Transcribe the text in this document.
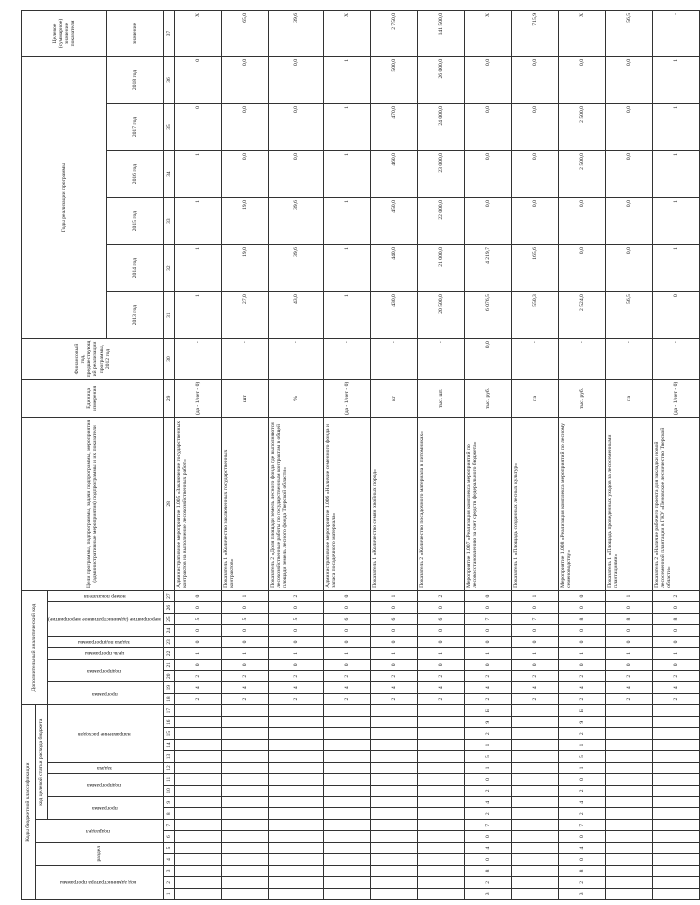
Коды бюджетной классификации																	Дополнительный аналитический код										Цели программы, подпрограммы, задачи подпрограммы, мероприятия (административные мероприятия) подпрограммы и их показатели	Единица измерения	Финансовый год, предшествующий реализации программы, 2012 год	Годы реализации программы						Целевое (суммарное) значение показателя
код администратора программы			раздел		подраздел		код целевой статьи расхода бюджета																													
							программа		подпрограмма		задача	направление расходов					программа		подпрограмма		цель программы	задача подпрограммы	мероприятие (административное мероприятие)			номер показателя										
																														2013 год	2014 год	2015 год	2016 год	2017 год	2018 год	значение
1	2	3	4	5	6	7	8	9	10	11	12	13	14	15	16	17	18	19	20	21	22	23	24	25	26	27	28	29	30	31	32	33	34	35	36	37
																	2	4	2	0	1	0	0	5	0	0	Административное мероприятие 1.005 «Заключение государственных контрактов на выполнение лесохозяйственных работ»	(да - 1/нет - 0)	-	1	1	1	1	0	0	X
																	2	4	2	0	1	0	0	5	0	1	Показатель 1 «Количество заключенных государственных контрактов»	шт	-	27,0	19,0	19,0	0,0	0,0	0,0	65,0
																	2	4	2	0	1	0	0	5	0	2	Показатель 2 «Доля площади земель лесного фонда где выполняются лесохозяйственные работы по государственным контрактам в общей площади земель лесного фонда Тверской области»	%	-	43,0	39,6	39,6	0,0	0,0	0,0	39,6
																	2	4	2	0	1	0	0	6	0	0	Административное мероприятие 1.006 «Наличие семенного фонда и запаса посадочного материала»	(да - 1/нет - 0)	-	1	1	1	1	1	1	X
																	2	4	2	0	1	0	0	6	0	1	Показатель 1 «Количество семян хвойных пород»	кг	-	430,0	440,0	450,0	460,0	470,0	500,0	2 750,0
																	2	4	2	0	1	0	0	6	0	2	Показатель 2 «Количество посадочного материала в питомниках»	тыс. шт.	-	20 500,0	21 000,0	22 000,0	23 000,0	24 000,0	26 000,0	141 500,0
3	2	8	0	4	0	7	2	4	2	0	1	5	1	2	9	Б	2	4	2	0	1	0	0	7	0	0	Мероприятие 1.007 «Реализация комплекса мероприятий по лесовосстановлению за счет средств федерального бюджета»	тыс. руб.	0,0	6 076,5	4 219,7	0,0	0,0	0,0	0,0	X
																	2	4	2	0	1	0	0	7	0	1	Показатель 1 «Площадь созданных лесных культур»	га	-	550,3	165,6	0,0	0,0	0,0	0,0	715,9
3	2	8	0	4	0	7	2	4	2	0	1	5	1	2	9	Б	2	4	2	0	1	0	0	8	0	0	Мероприятие 1.008 «Реализация комплекса мероприятий по лесному семеноводству»	тыс. руб.	-	2 524,0	0,0	0,0	2 500,0	2 500,0	0,0	X
																	2	4	2	0	1	0	0	8	0	1	Показатель 1 «Площадь проведенных уходов за лесосеменными плантациями»	га	-	56,5	0,0	0,0	0,0	0,0	0,0	56,5
																	2	4	2	0	1	0	0	8	0	2	Показатель 2 «Наличие рабочего проекта для закладки новой лесосеменной плантации в ГКУ «Пеновское лесничество Тверской области»	(да - 1/нет - 0)	-	0	1	1	1	1	1	-
